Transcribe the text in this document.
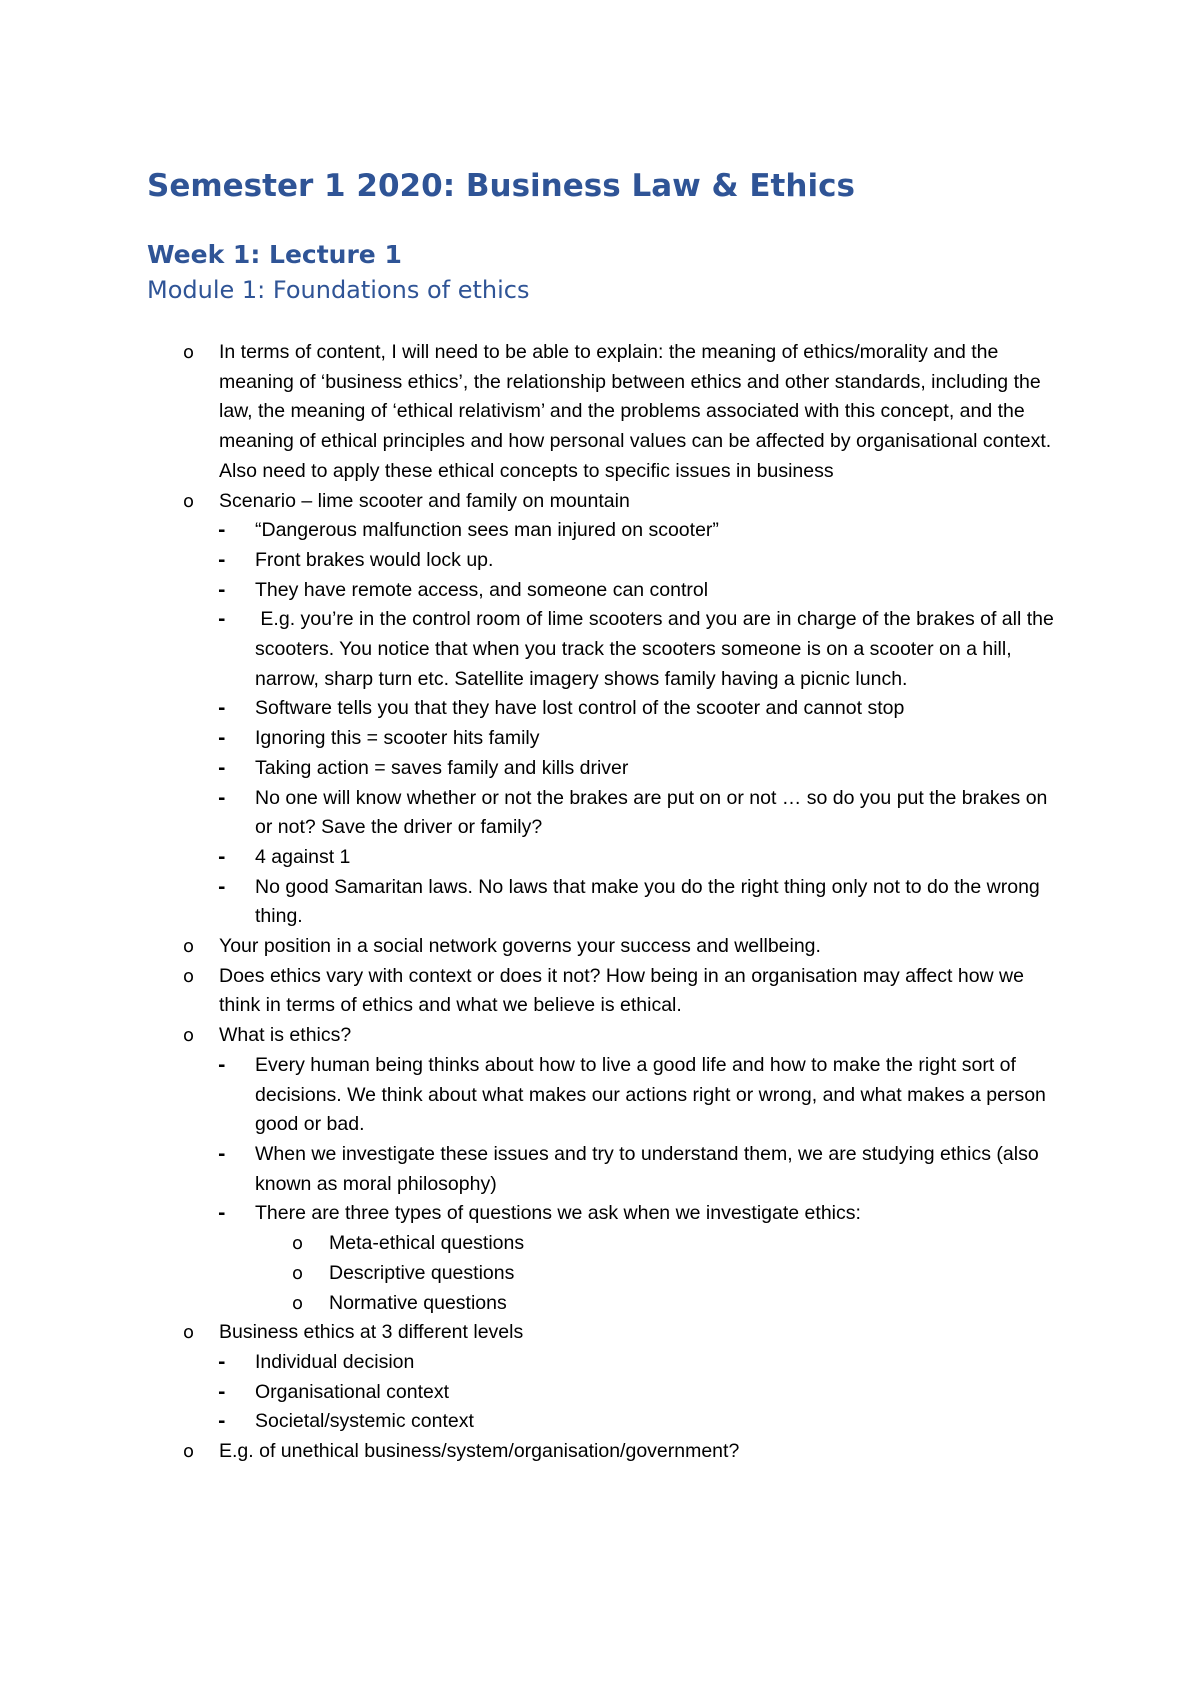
Semester 1 2020: Business Law & Ethics
Week 1: Lecture 1
Module 1: Foundations of ethics
o In terms of content, I will need to be able to explain: the meaning of ethics/morality and the meaning of ‘business ethics’, the relationship between ethics and other standards, including the law, the meaning of ‘ethical relativism’ and the problems associated with this concept, and the meaning of ethical principles and how personal values can be affected by organisational context. Also need to apply these ethical concepts to specific issues in business
o Scenario – lime scooter and family on mountain
- “Dangerous malfunction sees man injured on scooter”
- Front brakes would lock up.
- They have remote access, and someone can control
- E.g. you’re in the control room of lime scooters and you are in charge of the brakes of all the scooters. You notice that when you track the scooters someone is on a scooter on a hill, narrow, sharp turn etc. Satellite imagery shows family having a picnic lunch.
- Software tells you that they have lost control of the scooter and cannot stop
- Ignoring this = scooter hits family
- Taking action = saves family and kills driver
- No one will know whether or not the brakes are put on or not … so do you put the brakes on or not? Save the driver or family?
- 4 against 1
- No good Samaritan laws. No laws that make you do the right thing only not to do the wrong thing.
o Your position in a social network governs your success and wellbeing.
o Does ethics vary with context or does it not? How being in an organisation may affect how we think in terms of ethics and what we believe is ethical.
o What is ethics?
- Every human being thinks about how to live a good life and how to make the right sort of decisions. We think about what makes our actions right or wrong, and what makes a person good or bad.
- When we investigate these issues and try to understand them, we are studying ethics (also known as moral philosophy)
- There are three types of questions we ask when we investigate ethics:
o Meta-ethical questions
o Descriptive questions
o Normative questions
o Business ethics at 3 different levels
- Individual decision
- Organisational context
- Societal/systemic context
o E.g. of unethical business/system/organisation/government?
